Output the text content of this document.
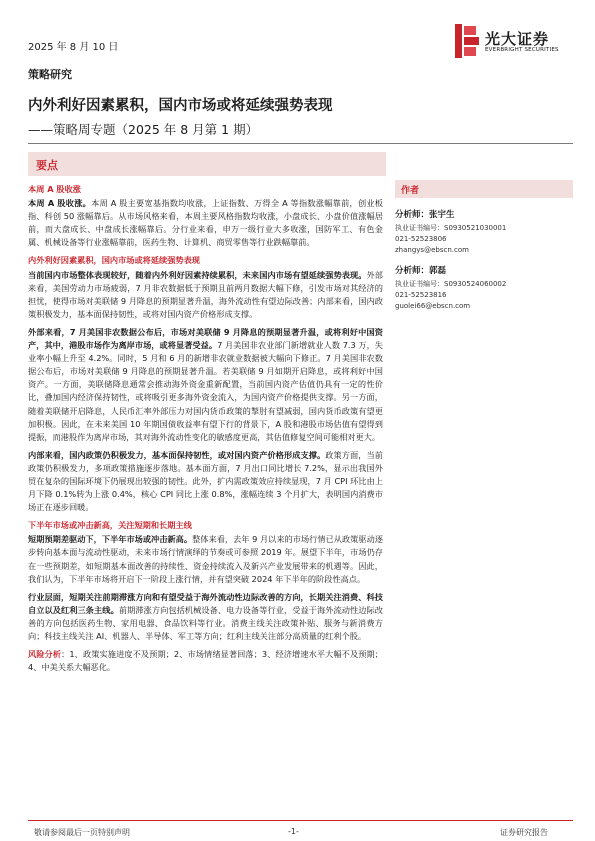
2025 年 8 月 10 日	光大证券
EVERBRIGHT SECURITIES
策略研究
内外利好因素累积，国内市场或将延续强势表现
——策略周专题（2025 年 8 月第 1 期）
要点
本周 A 股收涨

本周 A 股收涨。本周 A 股主要宽基指数均收涨，上证指数、万得全 A 等指数涨幅靠前，创业板指、科创 50 涨幅靠后。从市场风格来看，本周主要风格指数均收涨，小盘成长、小盘价值涨幅居前，而大盘成长、中盘成长涨幅靠后。分行业来看，申万一级行业大多收涨，国防军工、有色金属、机械设备等行业涨幅靠前，医药生物、计算机、商贸零售等行业跌幅靠前。

内外利好因素累积，国内市场或将延续强势表现

当前国内市场整体表现较好，随着内外利好因素持续累积，未来国内市场有望延续强势表现。外部来看，美国劳动力市场疲弱，7 月非农数据低于预期且前两月数据大幅下修，引发市场对其经济的担忧，使得市场对美联储 9 月降息的预期显著升温，海外流动性有望边际改善；内部来看，国内政策积极发力，基本面保持韧性，或将对国内资产价格形成支撑。

外部来看，7 月美国非农数据公布后，市场对美联储 9 月降息的预期显著升温，或将利好中国资产，其中，港股市场作为离岸市场，或将显著受益。7 月美国非农业部门新增就业人数 7.3 万，失业率小幅上升至 4.2%。同时，5 月和 6 月的新增非农就业数据被大幅向下修正。7 月美国非农数据公布后，市场对美联储 9 月降息的预期显著升温。若美联储 9 月如期开启降息，或将利好中国资产。一方面，美联储降息通常会推动海外资金重新配置，当前国内资产估值仍具有一定的性价比，叠加国内经济保持韧性，或将吸引更多海外资金流入，为国内资产价格提供支撑。另一方面，随着美联储开启降息，人民币汇率外部压力对国内货币政策的掣肘有望减弱，国内货币政策有望更加积极。因此，在未来美国 10 年期国债收益率有望下行的背景下，A 股和港股市场估值有望得到提振，而港股作为离岸市场，其对海外流动性变化的敏感度更高，其估值修复空间可能相对更大。

内部来看，国内政策仍积极发力，基本面保持韧性，或对国内资产价格形成支撑。政策方面，当前政策仍积极发力，多项政策措施逐步落地。基本面方面，7 月出口同比增长 7.2%，显示出我国外贸在复杂的国际环境下仍展现出较强的韧性。此外，扩内需政策效应持续显现，7 月 CPI 环比由上月下降 0.1%转为上涨 0.4%，核心 CPI 同比上涨 0.8%，涨幅连续 3 个月扩大，表明国内消费市场正在逐步回暖。

下半年市场或冲击新高，关注短期和长期主线

短期预期差驱动下，下半年市场或冲击新高。整体来看，去年 9 月以来的市场行情已从政策驱动逐步转向基本面与流动性驱动，未来市场行情演绎的节奏或可参照 2019 年。展望下半年，市场仍存在一些预期差，如短期基本面改善的持续性、资金持续流入及新兴产业发展带来的机遇等。因此，我们认为，下半年市场将开启下一阶段上涨行情，并有望突破 2024 年下半年的阶段性高点。

行业层面，短期关注前期滞涨方向和有望受益于海外流动性边际改善的方向，长期关注消费、科技自立以及红利三条主线。前期滞涨方向包括机械设备、电力设备等行业，受益于海外流动性边际改善的方向包括医药生物、家用电器、食品饮料等行业。消费主线关注政策补贴、服务与新消费方向；科技主线关注 AI、机器人、半导体、军工等方向；红利主线关注部分高质量的红利个股。

风险分析：1、政策实施进度不及预期；2、市场情绪显著回落；3、经济增速水平大幅不及预期；4、中美关系大幅恶化。

作者
分析师：张宇生
执业证书编号：S0930521030001
021-52523806
zhangys@ebscn.com
分析师：郭磊
执业证书编号：S0930524060002
021-52523816
guolei66@ebscn.com
敬请参阅最后一页特别声明	-1-	证券研究报告
